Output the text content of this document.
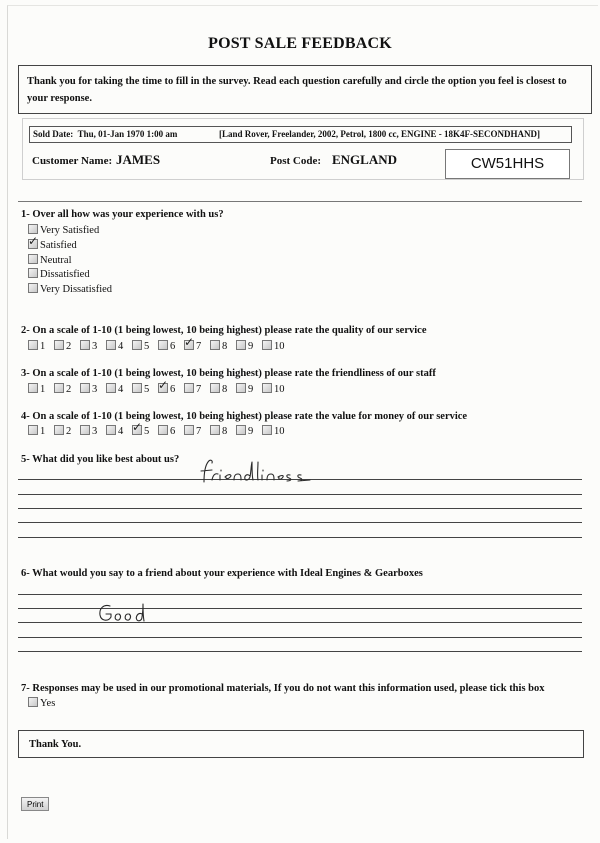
POST SALE FEEDBACK
Thank you for taking the time to fill in the survey. Read each question carefully and circle the option you feel is closest to your response.
Sold Date: Thu, 01-Jan 1970 1:00 am	[Land Rover, Freelander, 2002, Petrol, 1800 cc, ENGINE - 18K4F-SECONDHAND]
Customer Name: JAMES	Post Code: ENGLAND	CW51HHS
1- Over all how was your experience with us?
Very Satisfied
✓Satisfied
Neutral
Dissatisfied
Very Dissatisfied
2- On a scale of 1-10 (1 being lowest, 10 being highest) please rate the quality of our service
1 2 3 4 5 6 ✓ 7 8 9 10
3- On a scale of 1-10 (1 being lowest, 10 being highest) please rate the friendliness of our staff
1 2 3 4 5 ✓ 6 7 8 9 10
4- On a scale of 1-10 (1 being lowest, 10 being highest) please rate the value for money of our service
1 2 3 4 ✓ 5 6 7 8 9 10
5- What did you like best about us?
6- What would you say to a friend about your experience with Ideal Engines & Gearboxes
7- Responses may be used in our promotional materials, If you do not want this information used, please tick this box
Yes
Thank You.
Print
